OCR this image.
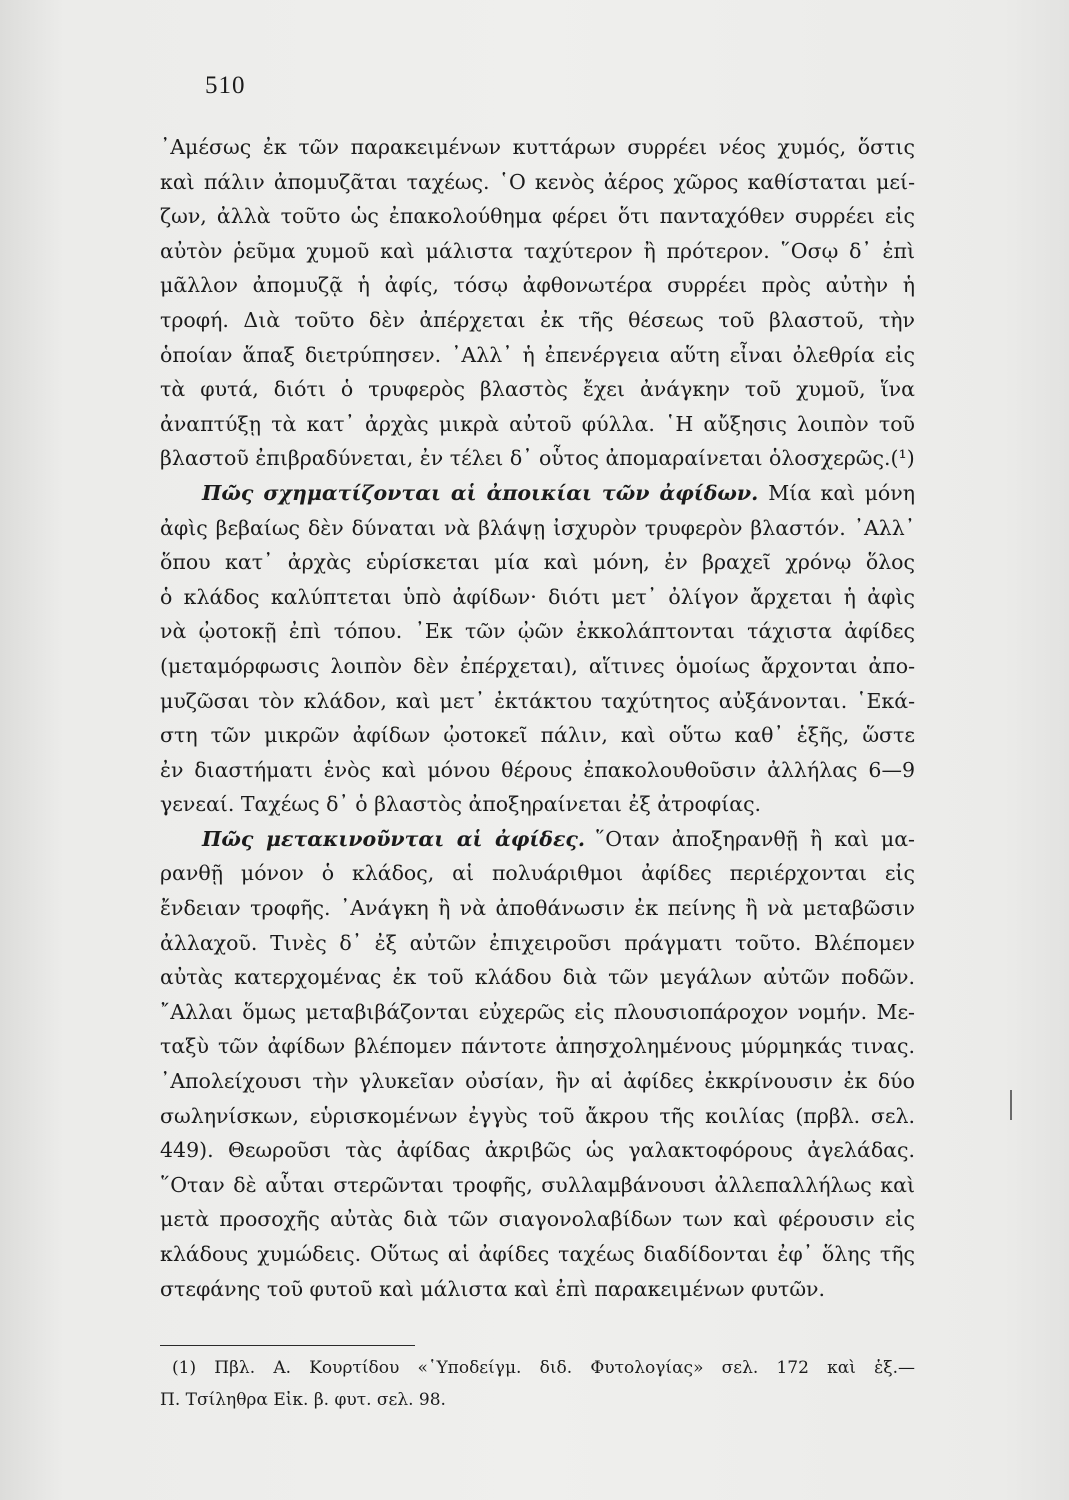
510
᾿Αμέσως ἐκ τῶν παρακειμένων κυττάρων συρρέει νέος χυμός, ὅστις
καὶ πάλιν ἀπομυζᾶται ταχέως. ῾Ο κενὸς ἀέρος χῶρος καθίσταται μεί-
ζων, ἀλλὰ τοῦτο ὡς ἐπακολούθημα φέρει ὅτι πανταχόθεν συρρέει εἰς
αὐτὸν ῥεῦμα χυμοῦ καὶ μάλιστα ταχύτερον ἢ πρότερον. ῞Οσῳ δ᾿ ἐπὶ
μᾶλλον ἀπομυζᾷ ἡ ἀφίς, τόσῳ ἀφθονωτέρα συρρέει πρὸς αὐτὴν ἡ
τροφή. Διὰ τοῦτο δὲν ἀπέρχεται ἐκ τῆς θέσεως τοῦ βλαστοῦ, τὴν
ὁποίαν ἅπαξ διετρύπησεν. ᾿Αλλ᾿ ἡ ἐπενέργεια αὕτη εἶναι ὀλεθρία εἰς
τὰ φυτά, διότι ὁ τρυφερὸς βλαστὸς ἔχει ἀνάγκην τοῦ χυμοῦ, ἵνα
ἀναπτύξῃ τὰ κατ᾿ ἀρχὰς μικρὰ αὐτοῦ φύλλα. ῾Η αὔξησις λοιπὸν τοῦ
βλαστοῦ ἐπιβραδύνεται, ἐν τέλει δ᾿ οὗτος ἀπομαραίνεται ὁλοσχερῶς.(¹)
Πῶς σχηματίζονται αἱ ἀποικίαι τῶν ἀφίδων. Μία καὶ μόνη
ἀφὶς βεβαίως δὲν δύναται νὰ βλάψῃ ἰσχυρὸν τρυφερὸν βλαστόν. ᾿Αλλ᾿
ὅπου κατ᾿ ἀρχὰς εὑρίσκεται μία καὶ μόνη, ἐν βραχεῖ χρόνῳ ὅλος
ὁ κλάδος καλύπτεται ὑπὸ ἀφίδων· διότι μετ᾿ ὀλίγον ἄρχεται ἡ ἀφὶς
νὰ ᾠοτοκῇ ἐπὶ τόπου. ᾿Εκ τῶν ᾠῶν ἐκκολάπτονται τάχιστα ἀφίδες
(μεταμόρφωσις λοιπὸν δὲν ἐπέρχεται), αἵτινες ὁμοίως ἄρχονται ἀπο-
μυζῶσαι τὸν κλάδον, καὶ μετ᾿ ἐκτάκτου ταχύτητος αὐξάνονται. ῾Εκά-
στη τῶν μικρῶν ἀφίδων ᾠοτοκεῖ πάλιν, καὶ οὕτω καθ᾿ ἑξῆς, ὥστε
ἐν διαστήματι ἑνὸς καὶ μόνου θέρους ἐπακολουθοῦσιν ἀλλήλας 6—9
γενεαί. Ταχέως δ᾿ ὁ βλαστὸς ἀποξηραίνεται ἐξ ἀτροφίας.
Πῶς μετακινοῦνται αἱ ἀφίδες. ῞Οταν ἀποξηρανθῇ ἢ καὶ μα-
ρανθῇ μόνον ὁ κλάδος, αἱ πολυάριθμοι ἀφίδες περιέρχονται εἰς
ἔνδειαν τροφῆς. ᾿Ανάγκη ἢ νὰ ἀποθάνωσιν ἐκ πείνης ἢ νὰ μεταβῶσιν
ἀλλαχοῦ. Τινὲς δ᾿ ἐξ αὐτῶν ἐπιχειροῦσι πράγματι τοῦτο. Βλέπομεν
αὐτὰς κατερχομένας ἐκ τοῦ κλάδου διὰ τῶν μεγάλων αὐτῶν ποδῶν.
῎Αλλαι ὅμως μεταβιβάζονται εὐχερῶς εἰς πλουσιοπάροχον νομήν. Με-
ταξὺ τῶν ἀφίδων βλέπομεν πάντοτε ἀπησχολημένους μύρμηκάς τινας.
᾿Απολείχουσι τὴν γλυκεῖαν οὐσίαν, ἣν αἱ ἀφίδες ἐκκρίνουσιν ἐκ δύο
σωληνίσκων, εὑρισκομένων ἐγγὺς τοῦ ἄκρου τῆς κοιλίας (πρβλ. σελ.
449). Θεωροῦσι τὰς ἀφίδας ἀκριβῶς ὡς γαλακτοφόρους ἀγελάδας.
῞Οταν δὲ αὗται στερῶνται τροφῆς, συλλαμβάνουσι ἀλλεπαλλήλως καὶ
μετὰ προσοχῆς αὐτὰς διὰ τῶν σιαγονολαβίδων των καὶ φέρουσιν εἰς
κλάδους χυμώδεις. Οὕτως αἱ ἀφίδες ταχέως διαδίδονται ἐφ᾿ ὅλης τῆς
στεφάνης τοῦ φυτοῦ καὶ μάλιστα καὶ ἐπὶ παρακειμένων φυτῶν.
(1) Πβλ. Α. Κουρτίδου «῾Υποδείγμ. διδ. Φυτολογίας» σελ. 172 καὶ ἑξ.—
Π. Τσίληθρα Εἰκ. β. φυτ. σελ. 98.
